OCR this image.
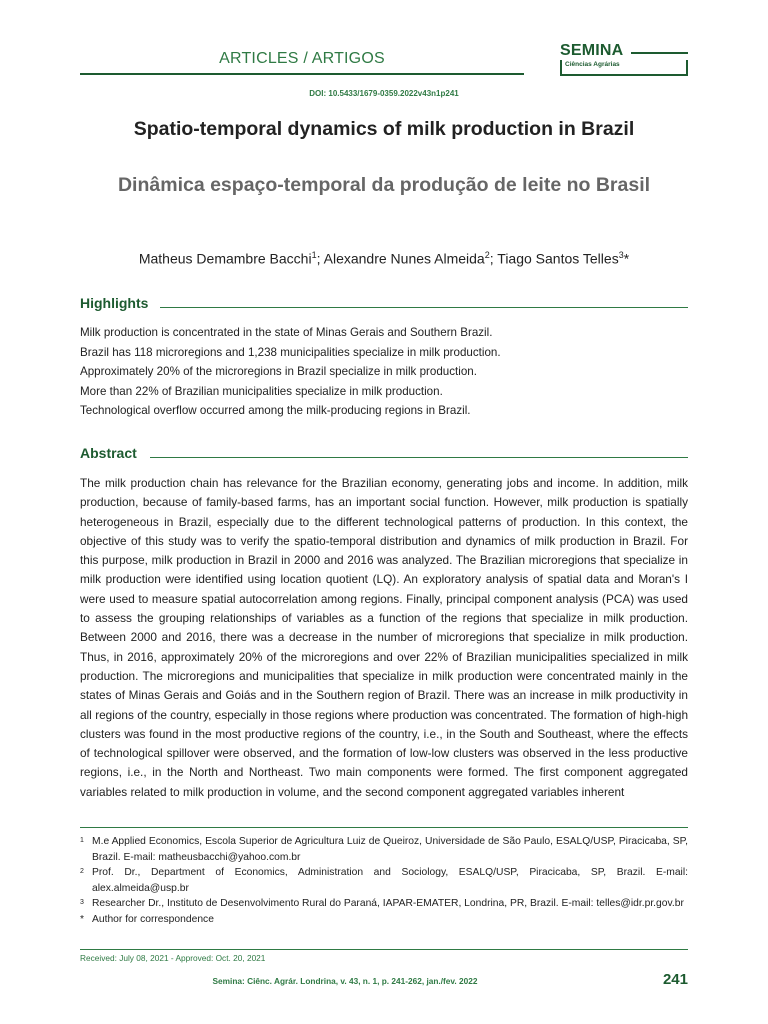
ARTICLES / ARTIGOS	SEMINA
Ciências Agrárias
DOI: 10.5433/1679-0359.2022v43n1p241
Spatio-temporal dynamics of milk production in Brazil
Dinâmica espaço-temporal da produção de leite no Brasil
Matheus Demambre Bacchi$^1$; Alexandre Nunes Almeida$^2$; Tiago Santos Telles$^3$*
Highlights
Milk production is concentrated in the state of Minas Gerais and Southern Brazil.
Brazil has 118 microregions and 1,238 municipalities specialize in milk production.
Approximately 20% of the microregions in Brazil specialize in milk production.
More than 22% of Brazilian municipalities specialize in milk production.
Technological overflow occurred among the milk-producing regions in Brazil.
Abstract
The milk production chain has relevance for the Brazilian economy, generating jobs and income. In addition, milk production, because of family-based farms, has an important social function. However, milk production is spatially heterogeneous in Brazil, especially due to the different technological patterns of production. In this context, the objective of this study was to verify the spatio-temporal distribution and dynamics of milk production in Brazil. For this purpose, milk production in Brazil in 2000 and 2016 was analyzed. The Brazilian microregions that specialize in milk production were identified using location quotient (LQ). An exploratory analysis of spatial data and Moran's I were used to measure spatial autocorrelation among regions. Finally, principal component analysis (PCA) was used to assess the grouping relationships of variables as a function of the regions that specialize in milk production. Between 2000 and 2016, there was a decrease in the number of microregions that specialize in milk production. Thus, in 2016, approximately 20% of the microregions and over 22% of Brazilian municipalities specialized in milk production. The microregions and municipalities that specialize in milk production were concentrated mainly in the states of Minas Gerais and Goiás and in the Southern region of Brazil. There was an increase in milk productivity in all regions of the country, especially in those regions where production was concentrated. The formation of high-high clusters was found in the most productive regions of the country, i.e., in the South and Southeast, where the effects of technological spillover were observed, and the formation of low-low clusters was observed in the less productive regions, i.e., in the North and Northeast. Two main components were formed. The first component aggregated variables related to milk production in volume, and the second component aggregated variables inherent
1 M.e Applied Economics, Escola Superior de Agricultura Luiz de Queiroz, Universidade de São Paulo, ESALQ/USP, Piracicaba, SP, Brazil. E-mail: matheusbacchi@yahoo.com.br
2 Prof. Dr., Department of Economics, Administration and Sociology, ESALQ/USP, Piracicaba, SP, Brazil. E-mail: alex.almeida@usp.br
3 Researcher Dr., Instituto de Desenvolvimento Rural do Paraná, IAPAR-EMATER, Londrina, PR, Brazil. E-mail: telles@idr.pr.gov.br
* Author for correspondence
Received: July 08, 2021 - Approved: Oct. 20, 2021
Semina: Ciênc. Agrár. Londrina, v. 43, n. 1, p. 241-262, jan./fev. 2022	241
